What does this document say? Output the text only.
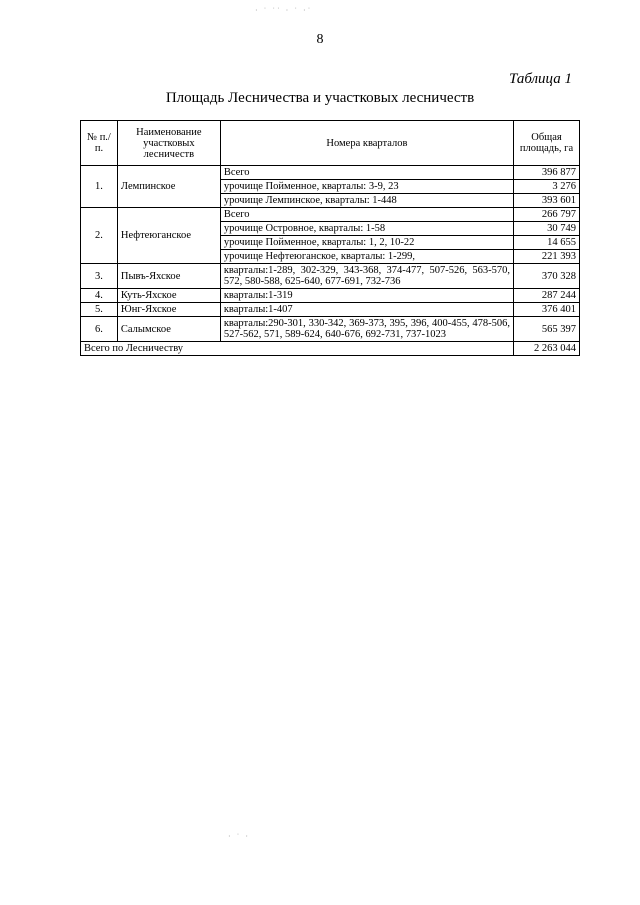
· ˙ ˙˙ · ˙ ·˙
8
Таблица 1
Площадь Лесничества и участковых лесничеств
№ п./п.	Наименование участковых лесничеств	Номера кварталов	Общая площадь, га
1.	Лемпинское	Всего	396 877
		урочище Пойменное, кварталы: 3-9, 23	3 276
		урочище Лемпинское, кварталы: 1-448	393 601
2.	Нефтеюганское	Всего	266 797
		урочище Островное, кварталы: 1-58	30 749
		урочище Пойменное, кварталы: 1, 2, 10-22	14 655
		урочище Нефтеюганское, кварталы: 1-299,	221 393
3.	Пывъ-Яхское	кварталы:1-289, 302-329, 343-368, 374-477, 507-526, 563-570, 572, 580-588, 625-640, 677-691, 732-736	370 328
4.	Куть-Яхское	кварталы:1-319	287 244
5.	Юнг-Яхское	кварталы:1-407	376 401
6.	Салымское	кварталы:290-301, 330-342, 369-373, 395, 396, 400-455, 478-506, 527-562, 571, 589-624, 640-676, 692-731, 737-1023	565 397
Всего по Лесничеству			2 263 044
· ˙ ·
